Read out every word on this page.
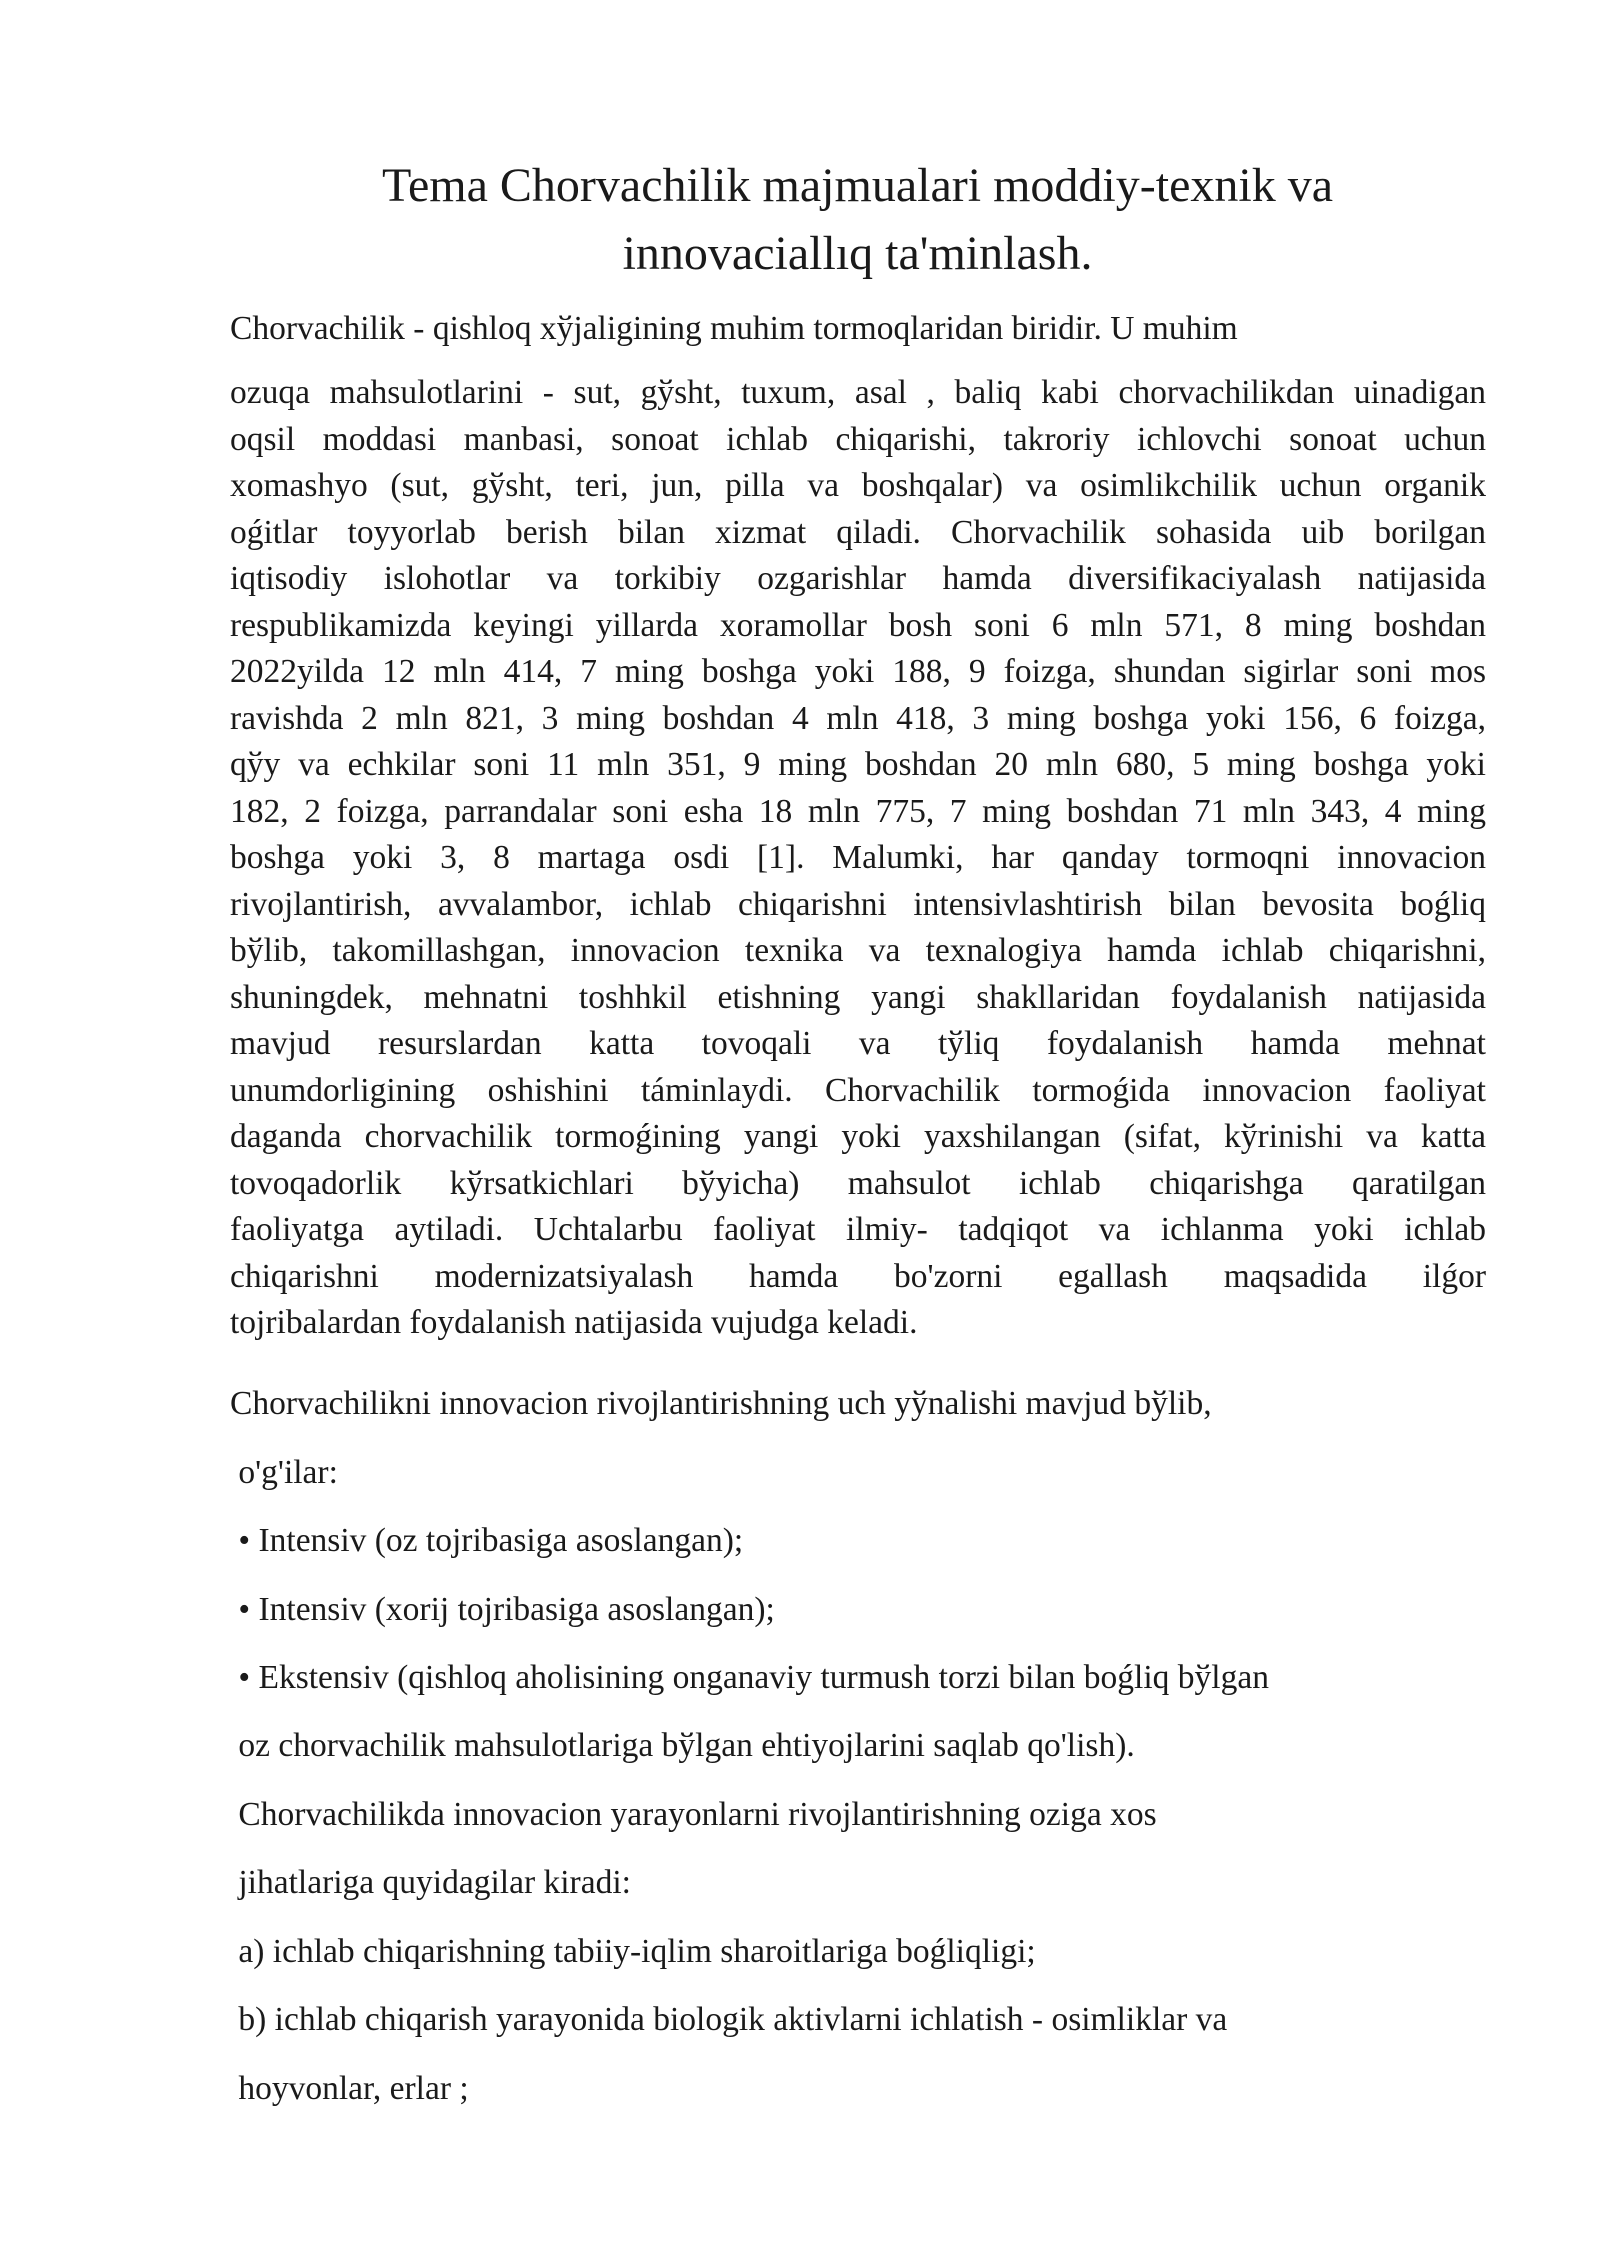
Tema Chorvachilik majmualari moddiy-texnik va
innovaciallıq ta'minlash.

Chorvachilik - qishloq xўjaligining muhim tormoqlaridan biridir. U muhim

ozuqa mahsulotlarini - sut, gўsht, tuxum, asal , baliq kabi chorvachilikdan uinadigan
oqsil moddasi manbasi, sonoat ichlab chiqarishi, takroriy ichlovchi sonoat uchun
xomashyo (sut, gўsht, teri, jun, pilla va boshqalar) va osimlikchilik uchun organik
oǵitlar toyyorlab berish bilan xizmat qiladi. Chorvachilik sohasida uib borilgan
iqtisodiy islohotlar va torkibiy ozgarishlar hamda diversifikaciyalash natijasida
respublikamizda keyingi yillarda xoramollar bosh soni 6 mln 571, 8 ming boshdan
2022yilda 12 mln 414, 7 ming boshga yoki 188, 9 foizga, shundan sigirlar soni mos
ravishda 2 mln 821, 3 ming boshdan 4 mln 418, 3 ming boshga yoki 156, 6 foizga,
qўy va echkilar soni 11 mln 351, 9 ming boshdan 20 mln 680, 5 ming boshga yoki
182, 2 foizga, parrandalar soni esha 18 mln 775, 7 ming boshdan 71 mln 343, 4 ming
boshga yoki 3, 8 martaga osdi [1]. Malumki, har qanday tormoqni innovacion
rivojlantirish, avvalambor, ichlab chiqarishni intensivlashtirish bilan bevosita boǵliq
bўlib, takomillashgan, innovacion texnika va texnalogiya hamda ichlab chiqarishni,
shuningdek, mehnatni toshhkil etishning yangi shakllaridan foydalanish natijasida
mavjud resurslardan katta tovoqali va tўliq foydalanish hamda mehnat
unumdorligining oshishini táminlaydi. Chorvachilik tormoǵida innovacion faoliyat
daganda chorvachilik tormoǵining yangi yoki yaxshilangan (sifat, kўrinishi va katta
tovoqadorlik kўrsatkichlari bўyicha) mahsulot ichlab chiqarishga qaratilgan
faoliyatga aytiladi. Uchtalarbu faoliyat ilmiy- tadqiqot va ichlanma yoki ichlab
chiqarishni modernizatsiyalash hamda bo'zorni egallash maqsadida ilǵor
tojribalardan foydalanish natijasida vujudga keladi.

Chorvachilikni innovacion rivojlantirishning uch yўnalishi mavjud bўlib,

o'g'ilar:

• Intensiv (oz tojribasiga asoslangan);

• Intensiv (xorij tojribasiga asoslangan);

• Ekstensiv (qishloq aholisining onganaviy turmush torzi bilan boǵliq bўlgan

oz chorvachilik mahsulotlariga bўlgan ehtiyojlarini saqlab qo'lish).

Chorvachilikda innovacion yarayonlarni rivojlantirishning oziga xos

jihatlariga quyidagilar kiradi:

a) ichlab chiqarishning tabiiy-iqlim sharoitlariga boǵliqligi;

b) ichlab chiqarish yarayonida biologik aktivlarni ichlatish - osimliklar va

hoyvonlar, erlar ;
